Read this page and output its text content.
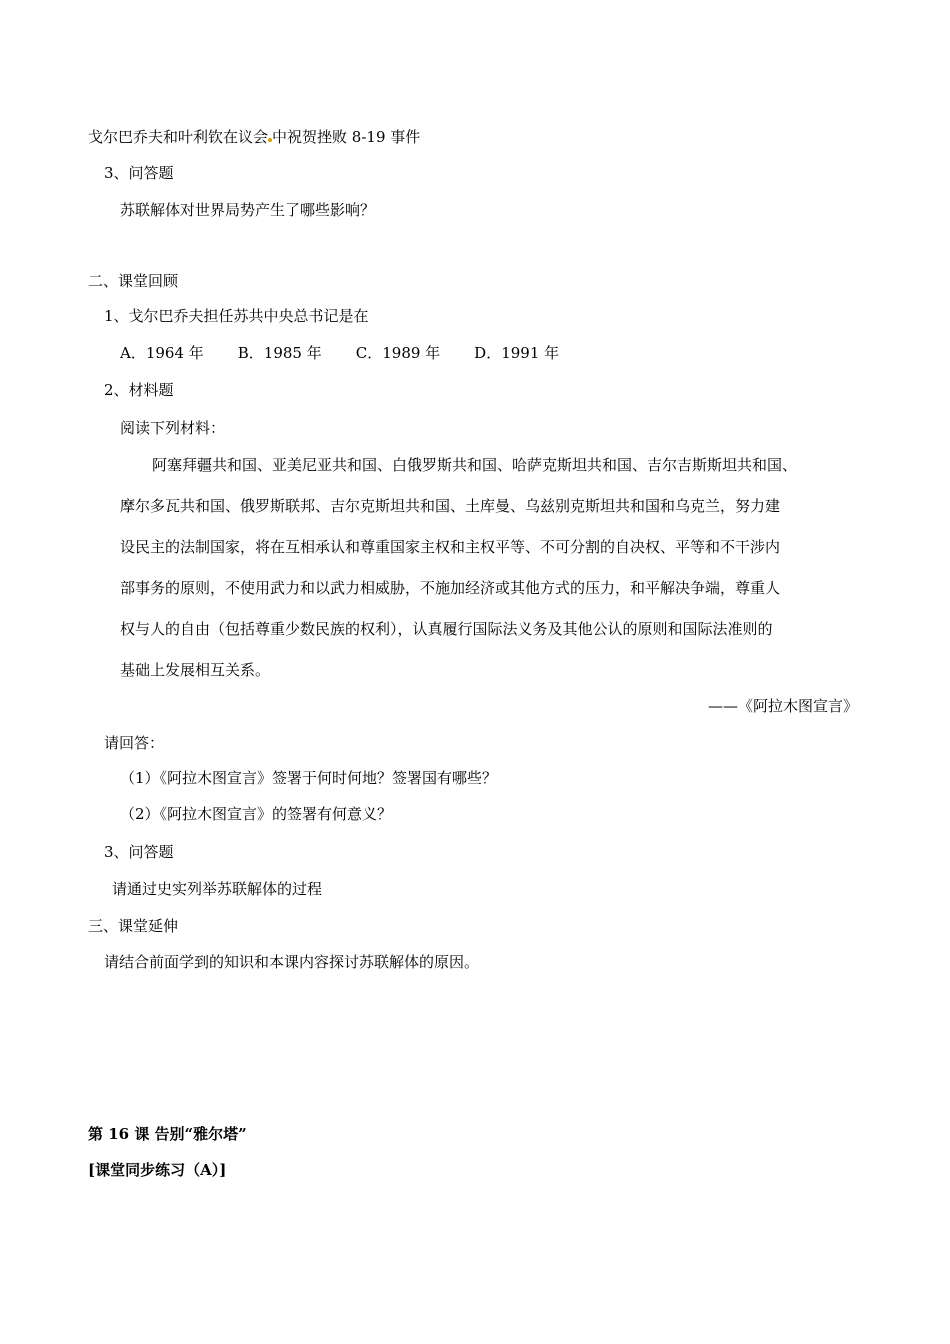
戈尔巴乔夫和叶利钦在议会 中祝贺挫败 8-19 事件
3、问答题
苏联解体对世界局势产生了哪些影响？
二、课堂回顾
1、戈尔巴乔夫担任苏共中央总书记是在
A．1964 年 B．1985 年 C．1989 年 D．1991 年
2、材料题
阅读下列材料：
阿塞拜疆共和国、亚美尼亚共和国、白俄罗斯共和国、哈萨克斯坦共和国、吉尔吉斯斯坦共和国、
摩尔多瓦共和国、俄罗斯联邦、吉尔克斯坦共和国、土库曼、乌兹别克斯坦共和国和乌克兰，努力建
设民主的法制国家，将在互相承认和尊重国家主权和主权平等、不可分割的自决权、平等和不干涉内
部事务的原则，不使用武力和以武力相威胁，不施加经济或其他方式的压力，和平解决争端，尊重人
权与人的自由（包括尊重少数民族的权利），认真履行国际法义务及其他公认的原则和国际法准则的
基础上发展相互关系。
——《阿拉木图宣言》
请回答：
（1）《阿拉木图宣言》签署于何时何地？签署国有哪些？
（2）《阿拉木图宣言》的签署有何意义？
3、问答题
请通过史实列举苏联解体的过程
三、课堂延伸
请结合前面学到的知识和本课内容探讨苏联解体的原因。
第 16 课 告别“雅尔塔”
[课堂同步练习（A）]
